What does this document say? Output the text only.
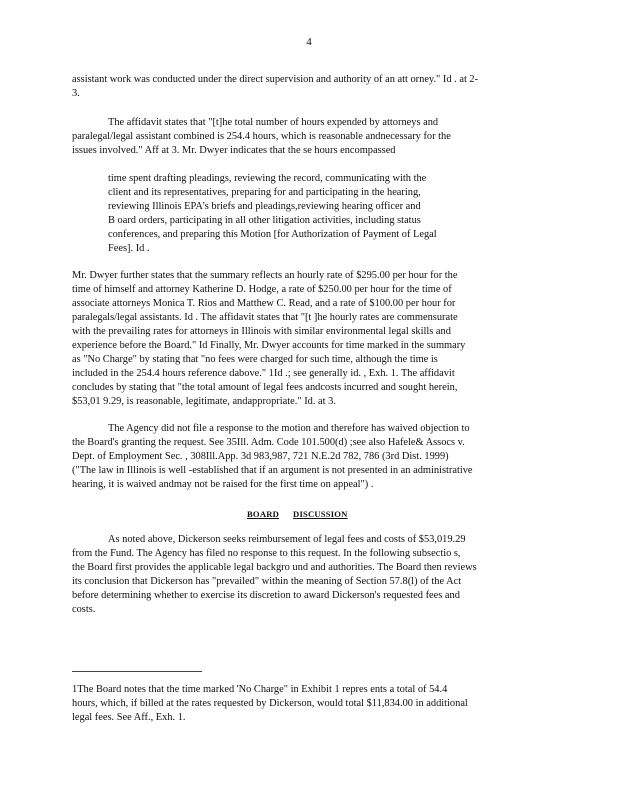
4
assistant work was conducted under the direct supervision and authority of an att orney." Id . at 2-
3.
The affidavit states that "[t]he total number of hours expended by attorneys and
paralegal/legal assistant combined is 254.4 hours, which is reasonable andnecessary for the
issues involved." Aff at 3. Mr. Dwyer indicates that the se hours encompassed
time spent drafting pleadings, reviewing the record, communicating with the
client and its representatives, preparing for and participating in the hearing,
reviewing Illinois EPA's briefs and pleadings,reviewing hearing officer and
B oard orders, participating in all other litigation activities, including status
conferences, and preparing this Motion [for Authorization of Payment of Legal
Fees]. Id .
Mr. Dwyer further states that the summary reflects an hourly rate of $295.00 per hour for the
time of himself and attorney Katherine D. Hodge, a rate of $250.00 per hour for the time of
associate attorneys Monica T. Rios and Matthew C. Read, and a rate of $100.00 per hour for
paralegals/legal assistants. Id . The affidavit states that "[t ]he hourly rates are commensurate
with the prevailing rates for attorneys in Illinois with similar environmental legal skills and
experience before the Board." Id Finally, Mr. Dwyer accounts for time marked in the summary
as "No Charge" by stating that "no fees were charged for such time, although the time is
included in the 254.4 hours reference dabove." 1Id .; see generally id. , Exh. 1. The affidavit
concludes by stating that "the total amount of legal fees andcosts incurred and sought herein,
$53,01 9.29, is reasonable, legitimate, andappropriate." Id. at 3.
The Agency did not file a response to the motion and therefore has waived objection to
the Board's granting the request. See 35Ill. Adm. Code 101.500(d) ;see also Hafele& Assocs v.
Dept. of Employment Sec. , 308Ill.App. 3d 983,987, 721 N.E.2d 782, 786 (3rd Dist. 1999)
("The law in Illinois is well -established that if an argument is not presented in an administrative
hearing, it is waived andmay not be raised for the first time on appeal") .
BOARD DISCUSSION
As noted above, Dickerson seeks reimbursement of legal fees and costs of $53,019.29
from the Fund. The Agency has filed no response to this request. In the following subsectio s,
the Board first provides the applicable legal backgro und and authorities. The Board then reviews
its conclusion that Dickerson has "prevailed" within the meaning of Section 57.8(l) of the Act
before determining whether to exercise its discretion to award Dickerson's requested fees and
costs.
1The Board notes that the time marked 'No Charge" in Exhibit 1 repres ents a total of 54.4
hours, which, if billed at the rates requested by Dickerson, would total $11,834.00 in additional
legal fees. See Aff., Exh. 1.
